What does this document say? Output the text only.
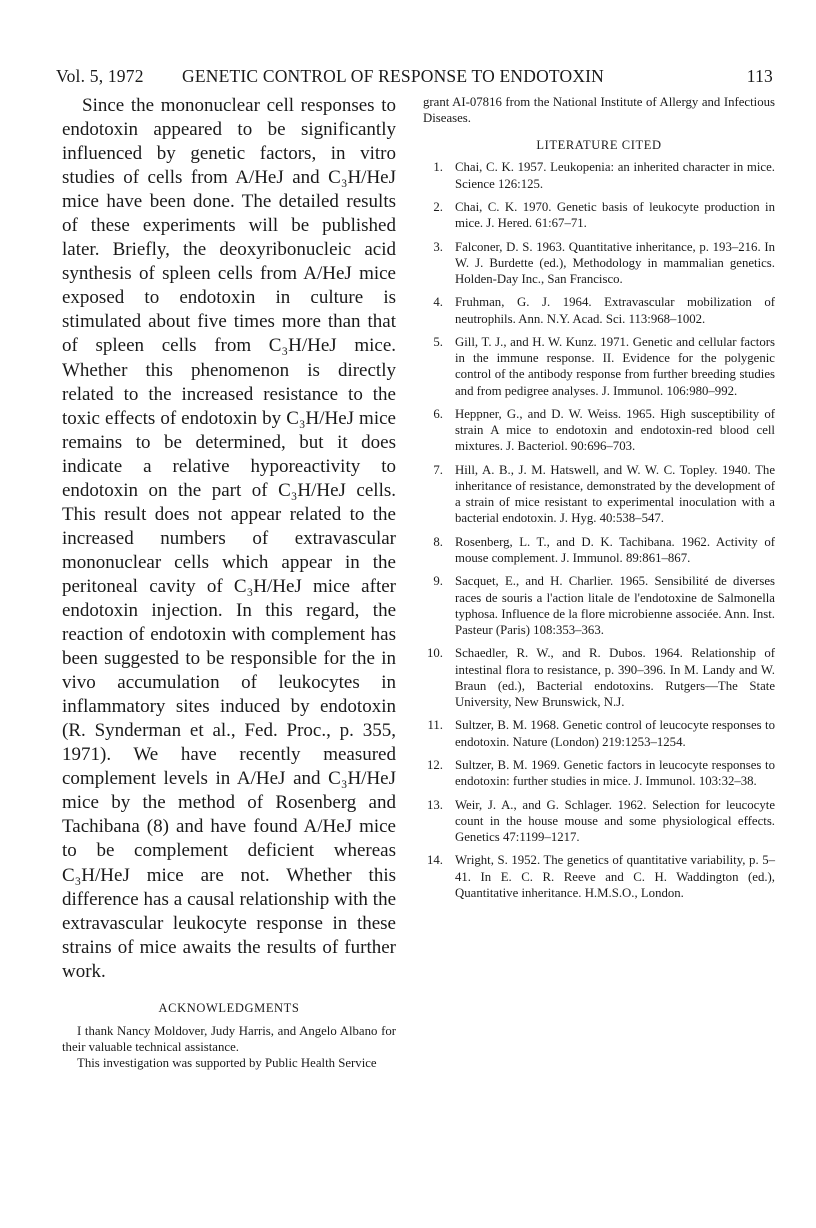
Vol. 5, 1972 GENETIC CONTROL OF RESPONSE TO ENDOTOXIN	113

Since the mononuclear cell responses to endotoxin appeared to be significantly influenced by genetic factors, in vitro studies of cells from A/HeJ and C₃H/HeJ mice have been done. The detailed results of these experiments will be published later. Briefly, the deoxyribonucleic acid synthesis of spleen cells from A/HeJ mice exposed to endotoxin in culture is stimulated about five times more than that of spleen cells from C₃H/HeJ mice. Whether this phenomenon is directly related to the increased resistance to the toxic effects of endotoxin by C₃H/HeJ mice remains to be determined, but it does indicate a relative hyporeactivity to endotoxin on the part of C₃H/HeJ cells. This result does not appear related to the increased numbers of extravascular mononuclear cells which appear in the peritoneal cavity of C₃H/HeJ mice after endotoxin injection. In this regard, the reaction of endotoxin with complement has been suggested to be responsible for the in vivo accumulation of leukocytes in inflammatory sites induced by endotoxin (R. Synderman et al., Fed. Proc., p. 355, 1971). We have recently measured complement levels in A/HeJ and C₃H/HeJ mice by the method of Rosenberg and Tachibana (8) and have found A/HeJ mice to be complement deficient whereas C₃H/HeJ mice are not. Whether this difference has a causal relationship with the extravascular leukocyte response in these strains of mice awaits the results of further work.

ACKNOWLEDGMENTS

I thank Nancy Moldover, Judy Harris, and Angelo Albano for their valuable technical assistance.

This investigation was supported by Public Health Service

grant AI-07816 from the National Institute of Allergy and Infectious Diseases.

LITERATURE CITED
1. Chai, C. K. 1957. Leukopenia: an inherited character in mice. Science 126:125.
2. Chai, C. K. 1970. Genetic basis of leukocyte production in mice. J. Hered. 61:67–71.
3. Falconer, D. S. 1963. Quantitative inheritance, p. 193–216. In W. J. Burdette (ed.), Methodology in mammalian genetics. Holden-Day Inc., San Francisco.
4. Fruhman, G. J. 1964. Extravascular mobilization of neutrophils. Ann. N.Y. Acad. Sci. 113:968–1002.
5. Gill, T. J., and H. W. Kunz. 1971. Genetic and cellular factors in the immune response. II. Evidence for the polygenic control of the antibody response from further breeding studies and from pedigree analyses. J. Immunol. 106:980–992.
6. Heppner, G., and D. W. Weiss. 1965. High susceptibility of strain A mice to endotoxin and endotoxin-red blood cell mixtures. J. Bacteriol. 90:696–703.
7. Hill, A. B., J. M. Hatswell, and W. W. C. Topley. 1940. The inheritance of resistance, demonstrated by the development of a strain of mice resistant to experimental inoculation with a bacterial endotoxin. J. Hyg. 40:538–547.
8. Rosenberg, L. T., and D. K. Tachibana. 1962. Activity of mouse complement. J. Immunol. 89:861–867.
9. Sacquet, E., and H. Charlier. 1965. Sensibilité de diverses races de souris a l'action litale de l'endotoxine de Salmonella typhosa. Influence de la flore microbienne associée. Ann. Inst. Pasteur (Paris) 108:353–363.
10. Schaedler, R. W., and R. Dubos. 1964. Relationship of intestinal flora to resistance, p. 390–396. In M. Landy and W. Braun (ed.), Bacterial endotoxins. Rutgers—The State University, New Brunswick, N.J.
11. Sultzer, B. M. 1968. Genetic control of leucocyte responses to endotoxin. Nature (London) 219:1253–1254.
12. Sultzer, B. M. 1969. Genetic factors in leucocyte responses to endotoxin: further studies in mice. J. Immunol. 103:32–38.
13. Weir, J. A., and G. Schlager. 1962. Selection for leucocyte count in the house mouse and some physiological effects. Genetics 47:1199–1217.
14. Wright, S. 1952. The genetics of quantitative variability, p. 5–41. In E. C. R. Reeve and C. H. Waddington (ed.), Quantitative inheritance. H.M.S.O., London.
